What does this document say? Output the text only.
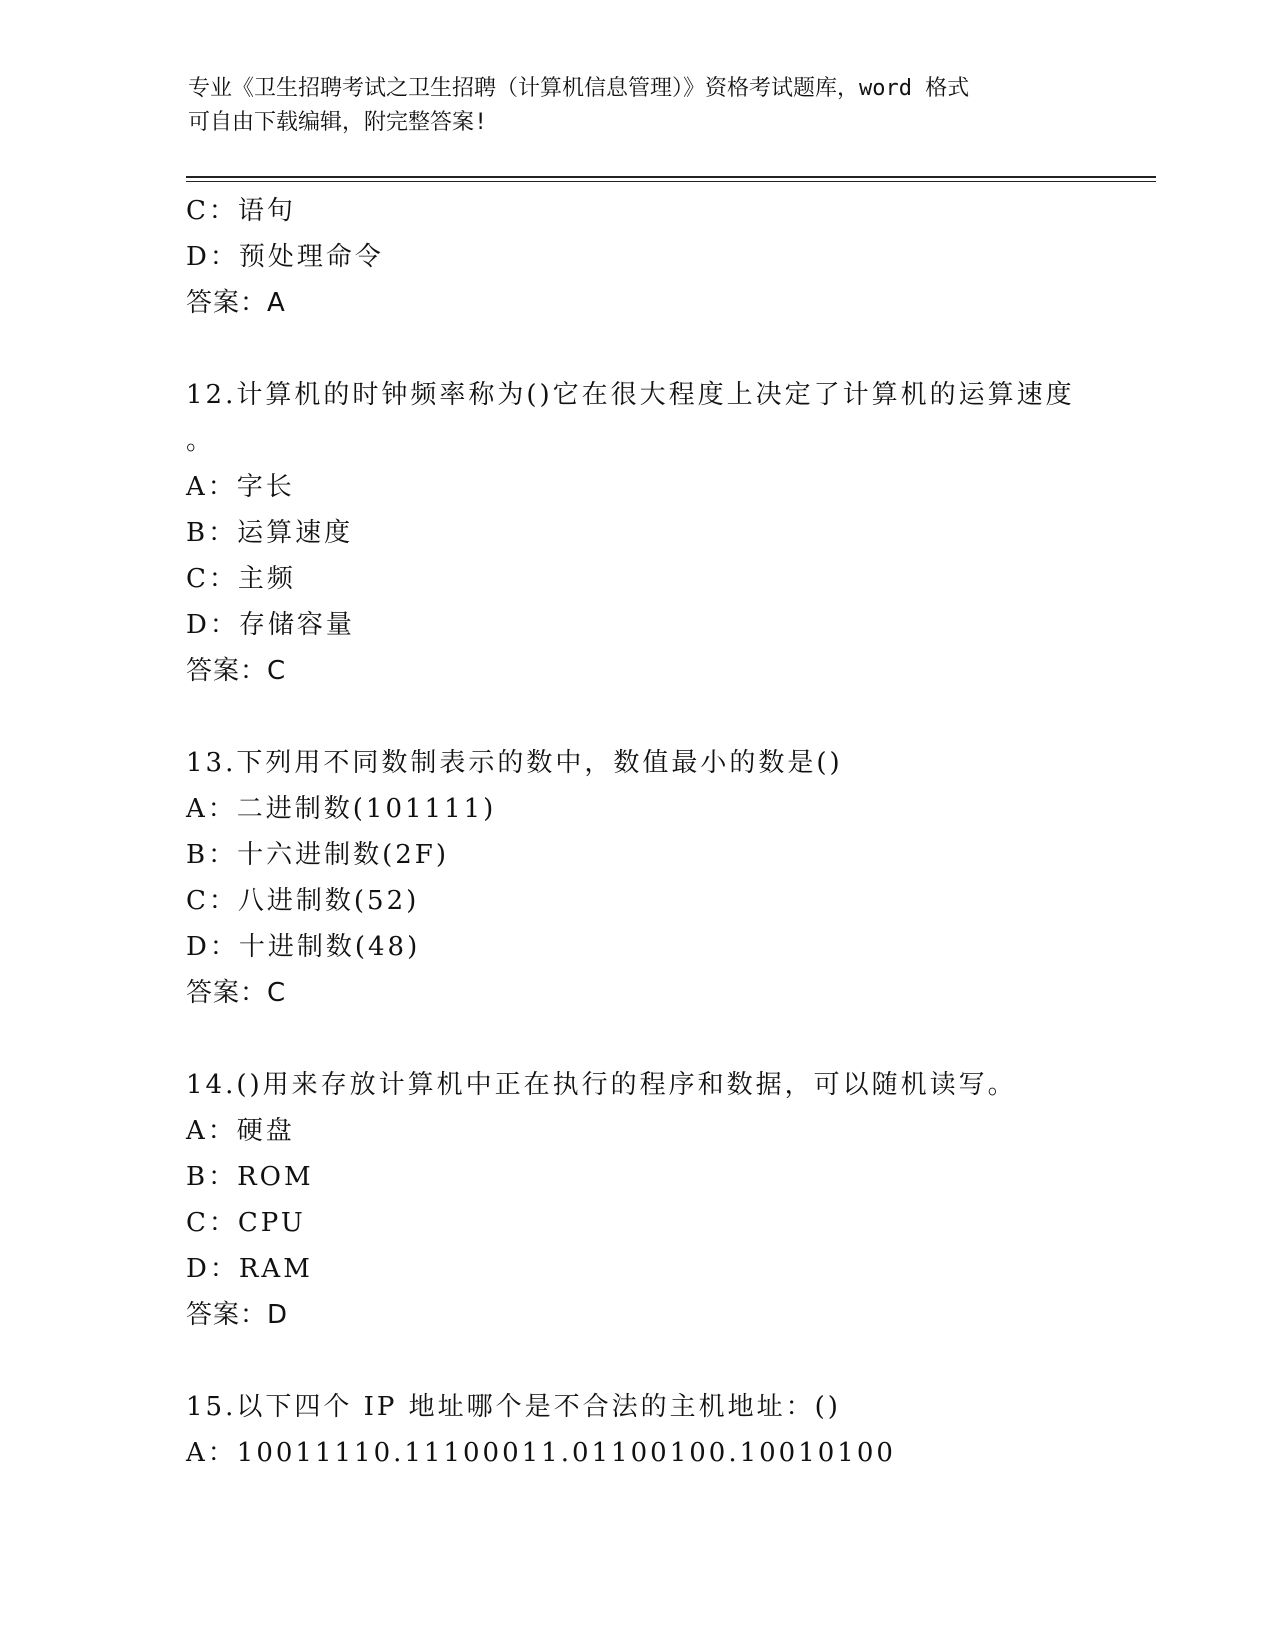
专业《卫生招聘考试之卫生招聘（计算机信息管理）》资格考试题库，word 格式
可自由下载编辑，附完整答案!
C：语句
D：预处理命令
答案：A
12.计算机的时钟频率称为()它在很大程度上决定了计算机的运算速度
。
A：字长
B：运算速度
C：主频
D：存储容量
答案：C
13.下列用不同数制表示的数中，数值最小的数是()
A：二进制数(101111)
B：十六进制数(2F)
C：八进制数(52)
D：十进制数(48)
答案：C
14.()用来存放计算机中正在执行的程序和数据，可以随机读写。
A：硬盘
B：ROM
C：CPU
D：RAM
答案：D
15.以下四个 IP 地址哪个是不合法的主机地址：()
A：10011110.11100011.01100100.10010100
